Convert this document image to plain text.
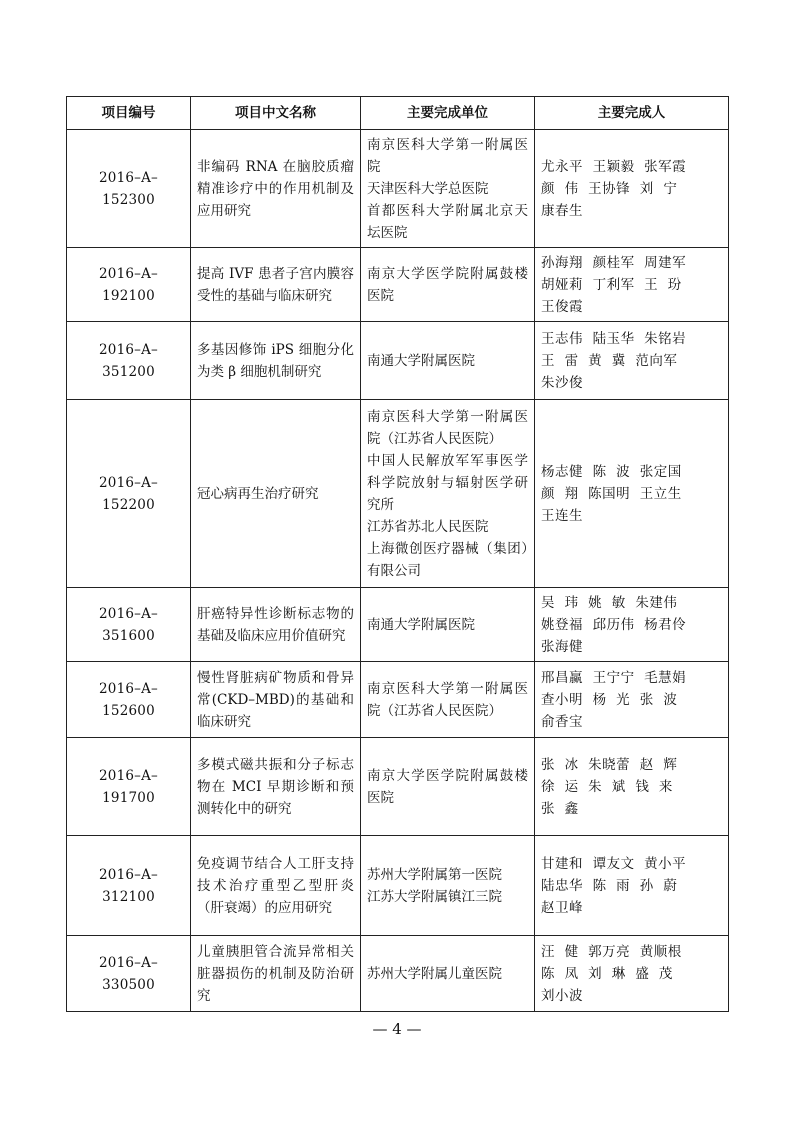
项目编号	项目中文名称	主要完成单位	主要完成人
2016–A–152300	非编码 RNA 在脑胶质瘤精准诊疗中的作用机制及应用研究	南京医科大学第一附属医院
天津医科大学总医院
首都医科大学附属北京天坛医院	尤永平  王颖毅  张军霞
颜  伟  王协锋  刘  宁
康春生

2016–A–192100	提高 IVF 患者子宫内膜容受性的基础与临床研究	南京大学医学院附属鼓楼医院	孙海翔  颜桂军  周建军
胡娅莉  丁利军  王  玢
王俊霞

2016–A–351200	多基因修饰 iPS 细胞分化为类 β 细胞机制研究	南通大学附属医院	王志伟  陆玉华  朱铭岩
王  雷  黄  冀  范向军
朱沙俊

2016–A–152200	冠心病再生治疗研究	南京医科大学第一附属医院（江苏省人民医院）
中国人民解放军军事医学科学院放射与辐射医学研究所
江苏省苏北人民医院
上海微创医疗器械（集团）有限公司	杨志健  陈  波  张定国
颜  翔  陈国明  王立生
王连生

2016–A–351600	肝癌特异性诊断标志物的基础及临床应用价值研究	南通大学附属医院	吴  玮  姚  敏  朱建伟
姚登福  邱历伟  杨君伶
张海健

2016–A–152600	慢性肾脏病矿物质和骨异常(CKD–MBD)的基础和临床研究	南京医科大学第一附属医院（江苏省人民医院）	邢昌赢  王宁宁  毛慧娟
查小明  杨  光  张  波
俞香宝

2016–A–191700	多模式磁共振和分子标志物在 MCI 早期诊断和预测转化中的研究	南京大学医学院附属鼓楼医院	张  冰  朱晓蕾  赵  辉
徐  运  朱  斌  钱  来
张  鑫

2016–A–312100	免疫调节结合人工肝支持技术治疗重型乙型肝炎（肝衰竭）的应用研究	苏州大学附属第一医院
江苏大学附属镇江三院	甘建和  谭友文  黄小平
陆忠华  陈  雨  孙  蔚
赵卫峰

2016–A–330500	儿童胰胆管合流异常相关脏器损伤的机制及防治研究	苏州大学附属儿童医院	汪  健  郭万亮  黄顺根
陈  凤  刘  琳  盛  茂
刘小波
— 4 —
